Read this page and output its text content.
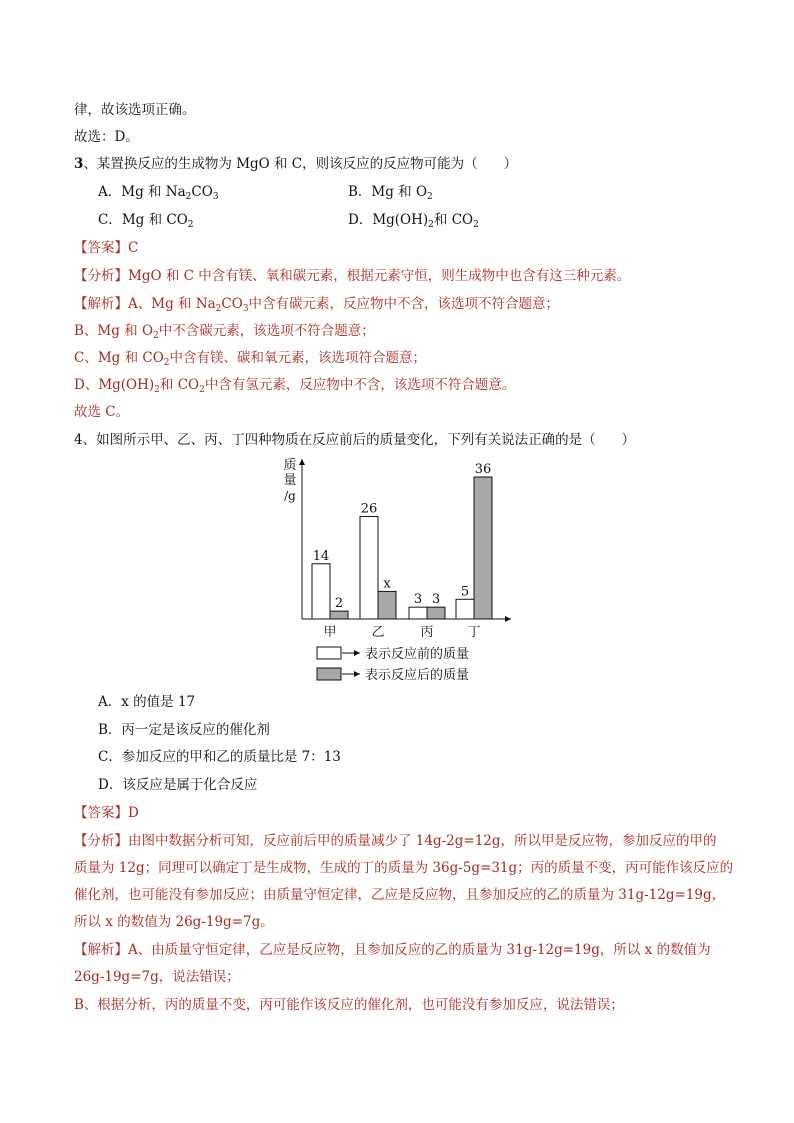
律，故该选项正确。
故选：D。
3、某置换反应的生成物为 MgO 和 C，则该反应的反应物可能为（ ）
A．Mg 和 $Na_2CO_3$	B．Mg 和 $O_2$
C．Mg 和 $CO_2$	D．$Mg(OH)_2$和 $CO_2$
【答案】C
【分析】MgO 和 C 中含有镁、氧和碳元素，根据元素守恒，则生成物中也含有这三种元素。
【解析】A、Mg 和 $Na_2CO_3$中含有碳元素，反应物中不含，该选项不符合题意；
B、Mg 和 $O_2$中不含碳元素，该选项不符合题意；
C、Mg 和 $CO_2$中含有镁、碳和氧元素，该选项符合题意；
D、$Mg(OH)_2$和 $CO_2$中含有氢元素，反应物中不含，该选项不符合题意。
故选 C。
4、如图所示甲、乙、丙、丁四种物质在反应前后的质量变化，下列有关说法正确的是（ ）
质
量
/g
14
2
26
x
3 3
5
36
甲	乙	丙	丁
表示反应前的质量
表示反应后的质量
A．x 的值是 17
B．丙一定是该反应的催化剂
C．参加反应的甲和乙的质量比是 7：13
D．该反应是属于化合反应
【答案】D
【分析】由图中数据分析可知，反应前后甲的质量减少了 14g-2g=12g，所以甲是反应物，参加反应的甲的
质量为 12g；同理可以确定丁是生成物，生成的丁的质量为 36g-5g=31g；丙的质量不变，丙可能作该反应的
催化剂，也可能没有参加反应；由质量守恒定律，乙应是反应物，且参加反应的乙的质量为 31g-12g=19g，
所以 x 的数值为 26g-19g=7g。
【解析】A、由质量守恒定律，乙应是反应物，且参加反应的乙的质量为 31g-12g=19g，所以 x 的数值为
26g-19g=7g，说法错误；
B、根据分析，丙的质量不变，丙可能作该反应的催化剂，也可能没有参加反应，说法错误；
